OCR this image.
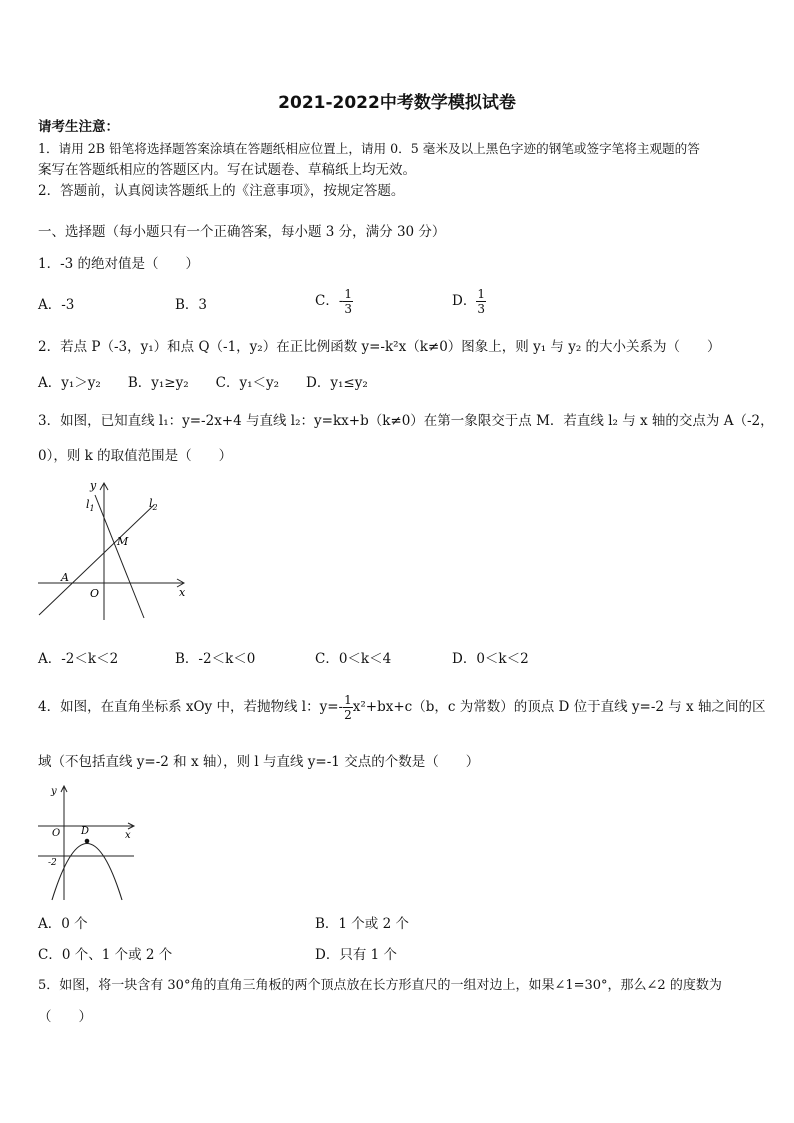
2021-2022中考数学模拟试卷
请考生注意：
1．请用 2B 铅笔将选择题答案涂填在答题纸相应位置上，请用 0．5 毫米及以上黑色字迹的钢笔或签字笔将主观题的答
案写在答题纸相应的答题区内。写在试题卷、草稿纸上均无效。
2．答题前，认真阅读答题纸上的《注意事项》，按规定答题。
一、选择题（每小题只有一个正确答案，每小题 3 分，满分 30 分）
1．-3 的绝对值是（　　）
A．-3	B．3	C．- $\frac{1}{3}$	D． $\frac{1}{3}$
2．若点 P（-3，y₁）和点 Q（-1，y₂）在正比例函数 y=-k²x（k≠0）图象上，则 y₁ 与 y₂ 的大小关系为（　　）
A．y₁＞y₂　　B．y₁≥y₂　　C．y₁＜y₂　　D．y₁≤y₂
3．如图，已知直线 l₁：y=-2x+4 与直线 l₂：y=kx+b（k≠0）在第一象限交于点 M．若直线 l₂ 与 x 轴的交点为 A（-2，
0），则 k 的取值范围是（　　）
y
$l_1$	$l_2$
M
A
O	x
A．-2＜k＜2	B．-2＜k＜0	C．0＜k＜4	D．0＜k＜2
4．如图，在直角坐标系 xOy 中，若抛物线 l：$y=- \frac{1}{2} x^2+bx+c(b$，c 为常数）的顶点 D 位于直线 y=-2 与 x 轴之间的区
域（不包括直线 y=-2 和 x 轴），则 l 与直线 y=-1 交点的个数是（　　）
y
O	x
D
-2
A．0 个	B．1 个或 2 个
C．0 个、1 个或 2 个	D．只有 1 个
5．如图，将一块含有 30°角的直角三角板的两个顶点放在长方形直尺的一组对边上，如果∠1=30°，那么∠2 的度数为
（　　）
